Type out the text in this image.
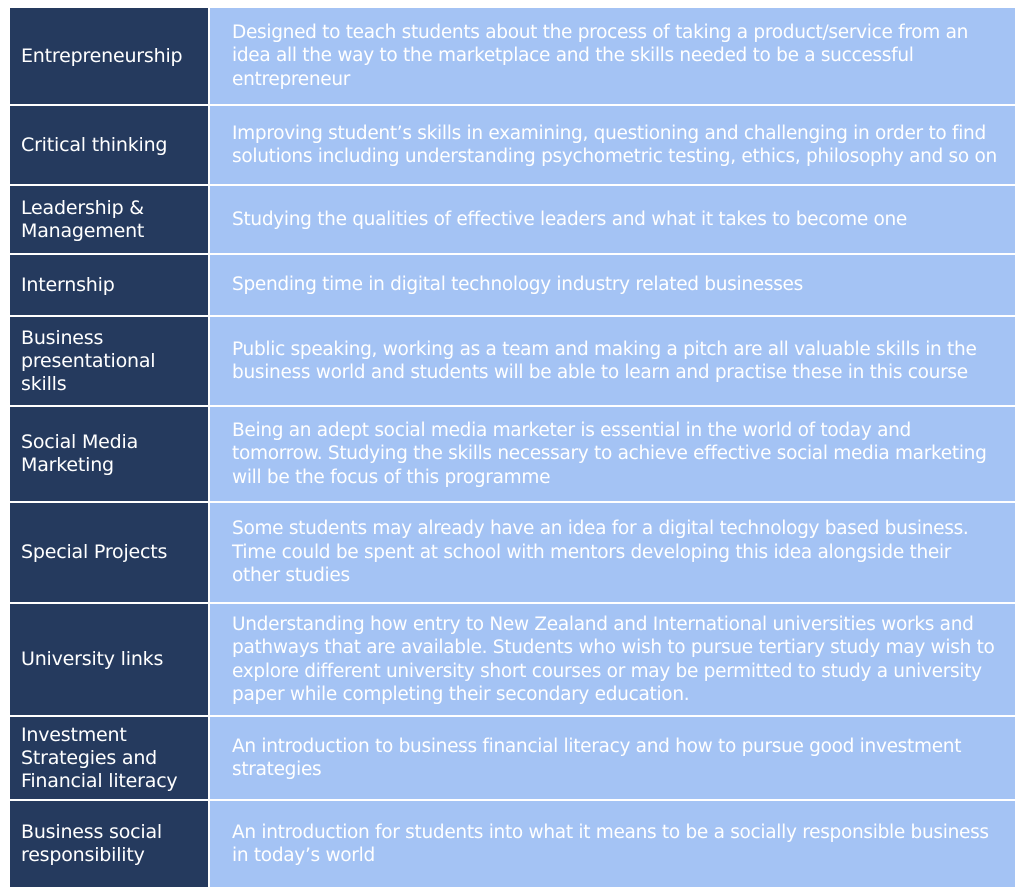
Entrepreneurship
Designed to teach students about the process of taking a product/service from an idea all the way to the marketplace and the skills needed to be a successful entrepreneur
Critical thinking
Improving student’s skills in examining, questioning and challenging in order to find solutions including understanding psychometric testing, ethics, philosophy and so on
Leadership & Management
Studying the qualities of effective leaders and what it takes to become one
Internship	Spending time in digital technology industry related businesses
Business presentational skills
Public speaking, working as a team and making a pitch are all valuable skills in the business world and students will be able to learn and practise these in this course
Social Media Marketing
Being an adept social media marketer is essential in the world of today and tomorrow. Studying the skills necessary to achieve effective social media marketing will be the focus of this programme
Special Projects
Some students may already have an idea for a digital technology based business. Time could be spent at school with mentors developing this idea alongside their other studies
University links
Understanding how entry to New Zealand and International universities works and pathways that are available. Students who wish to pursue tertiary study may wish to explore different university short courses or may be permitted to study a university paper while completing their secondary education.
Investment Strategies and Financial literacy
An introduction to business financial literacy and how to pursue good investment strategies
Business social responsibility
An introduction for students into what it means to be a socially responsible business in today’s world
